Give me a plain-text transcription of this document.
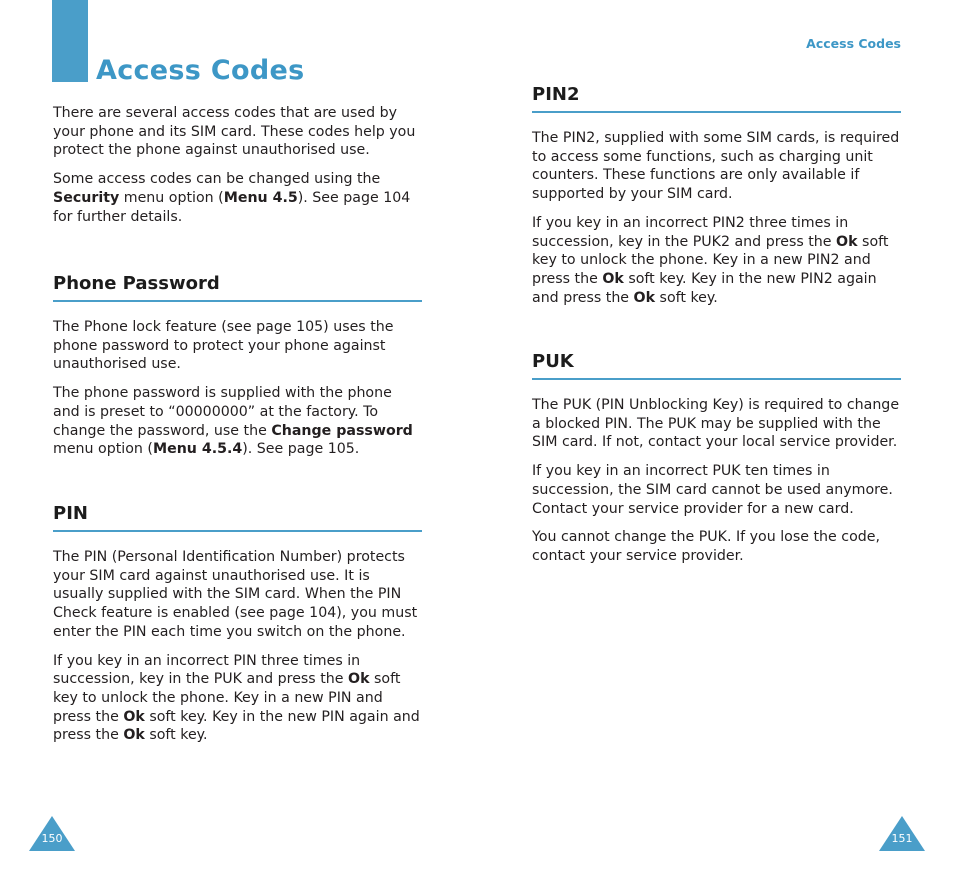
Access Codes
Access Codes

There are several access codes that are used by your phone and its SIM card. These codes help you protect the phone against unauthorised use.

Some access codes can be changed using the Security menu option (Menu 4.5). See page 104 for further details.

Phone Password

The Phone lock feature (see page 105) uses the phone password to protect your phone against unauthorised use.

The phone password is supplied with the phone and is preset to “00000000” at the factory. To change the password, use the Change password menu option (Menu 4.5.4). See page 105.

PIN

The PIN (Personal Identification Number) protects your SIM card against unauthorised use. It is usually supplied with the SIM card. When the PIN Check feature is enabled (see page 104), you must enter the PIN each time you switch on the phone.

If you key in an incorrect PIN three times in succession, key in the PUK and press the Ok soft key to unlock the phone. Key in a new PIN and press the Ok soft key. Key in the new PIN again and press the Ok soft key.

PIN2

The PIN2, supplied with some SIM cards, is required to access some functions, such as charging unit counters. These functions are only available if supported by your SIM card.

If you key in an incorrect PIN2 three times in succession, key in the PUK2 and press the Ok soft key to unlock the phone. Key in a new PIN2 and press the Ok soft key. Key in the new PIN2 again and press the Ok soft key.

PUK

The PUK (PIN Unblocking Key) is required to change a blocked PIN. The PUK may be supplied with the SIM card. If not, contact your local service provider.

If you key in an incorrect PUK ten times in succession, the SIM card cannot be used anymore. Contact your service provider for a new card.

You cannot change the PUK. If you lose the code, contact your service provider.

150	151
